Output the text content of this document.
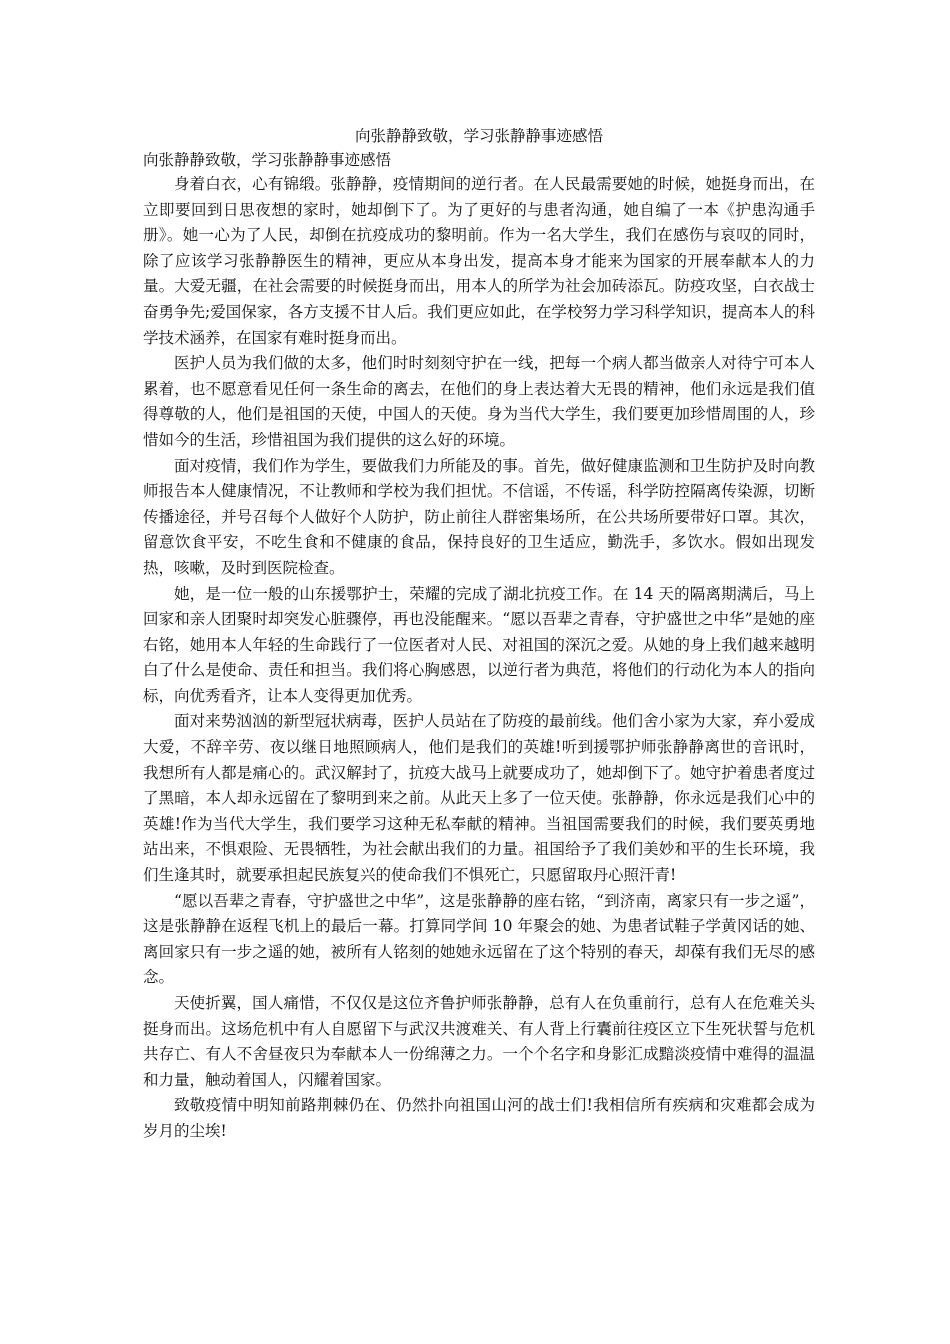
向张静静致敬，学习张静静事迹感悟

向张静静致敬，学习张静静事迹感悟

身着白衣，心有锦缎。张静静，疫情期间的逆行者。在人民最需要她的时候，她挺身而出，在立即要回到日思夜想的家时，她却倒下了。为了更好的与患者沟通，她自编了一本《护患沟通手册》。她一心为了人民，却倒在抗疫成功的黎明前。作为一名大学生，我们在感伤与哀叹的同时，除了应该学习张静静医生的精神，更应从本身出发，提高本身才能来为国家的开展奉献本人的力量。大爱无疆，在社会需要的时候挺身而出，用本人的所学为社会加砖添瓦。防疫攻坚，白衣战士奋勇争先;爱国保家，各方支援不甘人后。我们更应如此，在学校努力学习科学知识，提高本人的科学技术涵养，在国家有难时挺身而出。

医护人员为我们做的太多，他们时时刻刻守护在一线，把每一个病人都当做亲人对待宁可本人累着，也不愿意看见任何一条生命的离去，在他们的身上表达着大无畏的精神，他们永远是我们值得尊敬的人，他们是祖国的天使，中国人的天使。身为当代大学生，我们要更加珍惜周围的人，珍惜如今的生活，珍惜祖国为我们提供的这么好的环境。

面对疫情，我们作为学生，要做我们力所能及的事。首先，做好健康监测和卫生防护及时向教师报告本人健康情况，不让教师和学校为我们担忧。不信谣，不传谣，科学防控隔离传染源，切断传播途径，并号召每个人做好个人防护，防止前往人群密集场所，在公共场所要带好口罩。其次，留意饮食平安，不吃生食和不健康的食品，保持良好的卫生适应，勤洗手，多饮水。假如出现发热，咳嗽，及时到医院检查。

她，是一位一般的山东援鄂护士，荣耀的完成了湖北抗疫工作。在 14 天的隔离期满后，马上回家和亲人团聚时却突发心脏骤停，再也没能醒来。“愿以吾辈之青春，守护盛世之中华”是她的座右铭，她用本人年轻的生命践行了一位医者对人民、对祖国的深沉之爱。从她的身上我们越来越明白了什么是使命、责任和担当。我们将心胸感恩，以逆行者为典范，将他们的行动化为本人的指向标，向优秀看齐，让本人变得更加优秀。

面对来势汹汹的新型冠状病毒，医护人员站在了防疫的最前线。他们舍小家为大家，弃小爱成大爱，不辞辛劳、夜以继日地照顾病人，他们是我们的英雄!听到援鄂护师张静静离世的音讯时，我想所有人都是痛心的。武汉解封了，抗疫大战马上就要成功了，她却倒下了。她守护着患者度过了黑暗，本人却永远留在了黎明到来之前。从此天上多了一位天使。张静静，你永远是我们心中的英雄!作为当代大学生，我们要学习这种无私奉献的精神。当祖国需要我们的时候，我们要英勇地站出来，不惧艰险、无畏牺牲，为社会献出我们的力量。祖国给予了我们美妙和平的生长环境，我们生逢其时，就要承担起民族复兴的使命我们不惧死亡，只愿留取丹心照汗青!

“愿以吾辈之青春，守护盛世之中华”，这是张静静的座右铭，“到济南，离家只有一步之遥”，这是张静静在返程飞机上的最后一幕。打算同学间 10 年聚会的她、为患者试鞋子学黄冈话的她、离回家只有一步之遥的她，被所有人铭刻的她她永远留在了这个特别的春天，却葆有我们无尽的感念。

天使折翼，国人痛惜，不仅仅是这位齐鲁护师张静静，总有人在负重前行，总有人在危难关头挺身而出。这场危机中有人自愿留下与武汉共渡难关、有人背上行囊前往疫区立下生死状誓与危机共存亡、有人不舍昼夜只为奉献本人一份绵薄之力。一个个名字和身影汇成黯淡疫情中难得的温温和力量，触动着国人，闪耀着国家。

致敬疫情中明知前路荆棘仍在、仍然扑向祖国山河的战士们!我相信所有疾病和灾难都会成为岁月的尘埃!
